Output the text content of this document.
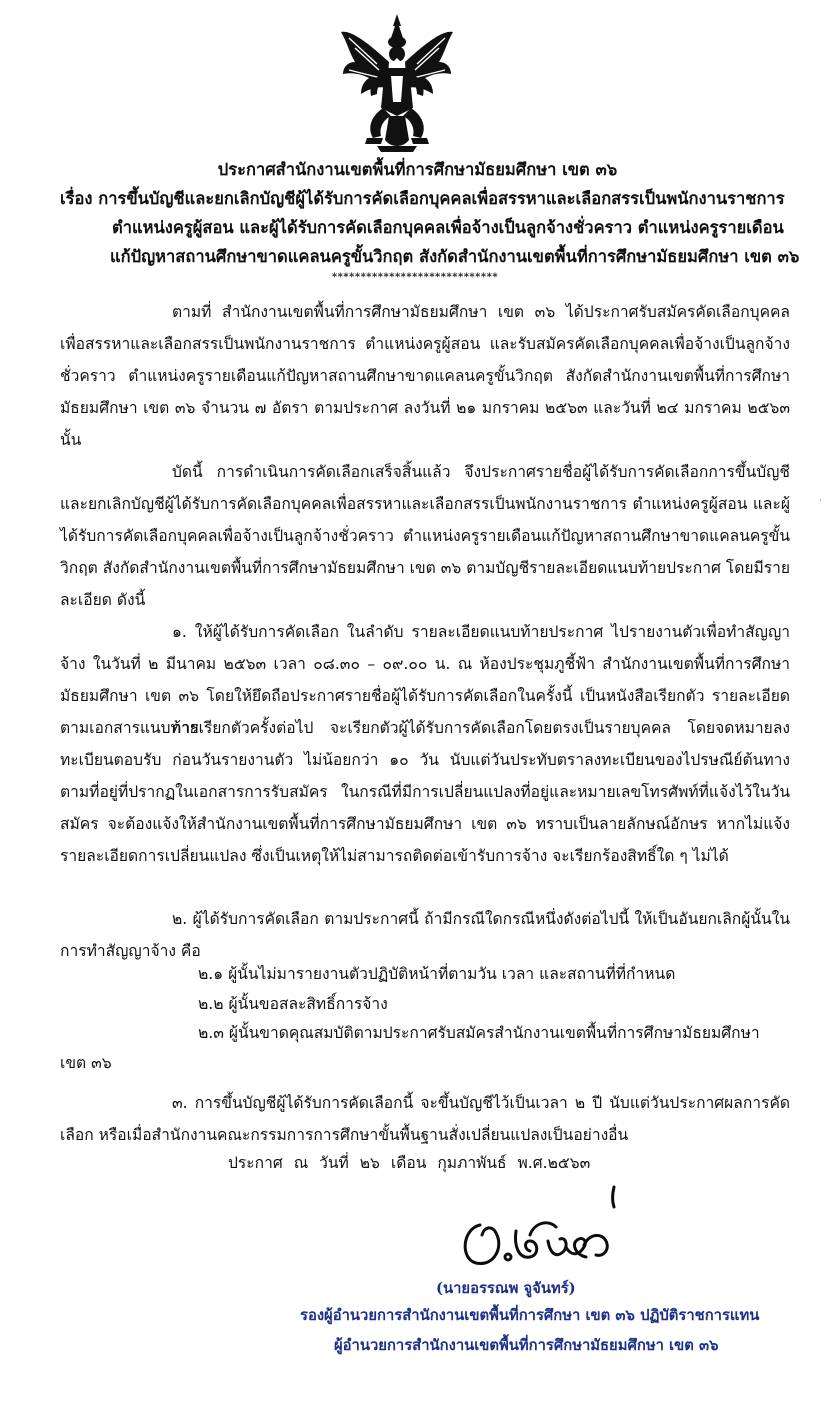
ประกาศสำนักงานเขตพื้นที่การศึกษามัธยมศึกษา เขต ๓๖
เรื่อง การขึ้นบัญชีและยกเลิกบัญชีผู้ได้รับการคัดเลือกบุคคลเพื่อสรรหาและเลือกสรรเป็นพนักงานราชการ
ตำแหน่งครูผู้สอน และผู้ได้รับการคัดเลือกบุคคลเพื่อจ้างเป็นลูกจ้างชั่วคราว ตำแหน่งครูรายเดือน
แก้ปัญหาสถานศึกษาขาดแคลนครูขั้นวิกฤต สังกัดสำนักงานเขตพื้นที่การศึกษามัธยมศึกษา เขต ๓๖
*****************************

ตามที่ สำนักงานเขตพื้นที่การศึกษามัธยมศึกษา เขต ๓๖ ได้ประกาศรับสมัครคัดเลือกบุคคลเพื่อสรรหาและเลือกสรรเป็นพนักงานราชการ ตำแหน่งครูผู้สอน และรับสมัครคัดเลือกบุคคลเพื่อจ้างเป็นลูกจ้างชั่วคราว ตำแหน่งครูรายเดือนแก้ปัญหาสถานศึกษาขาดแคลนครูขั้นวิกฤต สังกัดสำนักงานเขตพื้นที่การศึกษามัธยมศึกษา เขต ๓๖ จำนวน ๗ อัตรา ตามประกาศ ลงวันที่ ๒๑ มกราคม ๒๕๖๓ และวันที่ ๒๔ มกราคม ๒๕๖๓ นั้น

บัดนี้ การดำเนินการคัดเลือกเสร็จสิ้นแล้ว จึงประกาศรายชื่อผู้ได้รับการคัดเลือกการขึ้นบัญชีและยกเลิกบัญชีผู้ได้รับการคัดเลือกบุคคลเพื่อสรรหาและเลือกสรรเป็นพนักงานราชการ ตำแหน่งครูผู้สอน และผู้ได้รับการคัดเลือกบุคคลเพื่อจ้างเป็นลูกจ้างชั่วคราว ตำแหน่งครูรายเดือนแก้ปัญหาสถานศึกษาขาดแคลนครูขั้นวิกฤต สังกัดสำนักงานเขตพื้นที่การศึกษามัธยมศึกษา เขต ๓๖ ตามบัญชีรายละเอียดแนบท้ายประกาศ โดยมีรายละเอียด ดังนี้

๑. ให้ผู้ได้รับการคัดเลือก ในลำดับ รายละเอียดแนบท้ายประกาศ ไปรายงานตัวเพื่อทำสัญญาจ้าง ในวันที่ ๒ มีนาคม ๒๕๖๓ เวลา ๐๘.๓๐ – ๐๙.๐๐ น. ณ ห้องประชุมภูชี้ฟ้า สำนักงานเขตพื้นที่การศึกษามัธยมศึกษา เขต ๓๖ โดยให้ยึดถือประกาศรายชื่อผู้ได้รับการคัดเลือกในครั้งนี้ เป็นหนังสือเรียกตัว รายละเอียดตามเอกสารแนบท้าย

การเรียกตัวครั้งต่อไป จะเรียกตัวผู้ได้รับการคัดเลือกโดยตรงเป็นรายบุคคล โดยจดหมายลงทะเบียนตอบรับ ก่อนวันรายงานตัว ไม่น้อยกว่า ๑๐ วัน นับแต่วันประทับตราลงทะเบียนของไปรษณีย์ต้นทาง ตามที่อยู่ที่ปรากฏในเอกสารการรับสมัคร ในกรณีที่มีการเปลี่ยนแปลงที่อยู่และหมายเลขโทรศัพท์ที่แจ้งไว้ในวันสมัคร จะต้องแจ้งให้สำนักงานเขตพื้นที่การศึกษามัธยมศึกษา เขต ๓๖ ทราบเป็นลายลักษณ์อักษร หากไม่แจ้งรายละเอียดการเปลี่ยนแปลง ซึ่งเป็นเหตุให้ไม่สามารถติดต่อเข้ารับการจ้าง จะเรียกร้องสิทธิ์ใด ๆ ไม่ได้

๒. ผู้ได้รับการคัดเลือก ตามประกาศนี้ ถ้ามีกรณีใดกรณีหนึ่งดังต่อไปนี้ ให้เป็นอันยกเลิกผู้นั้นในการทำสัญญาจ้าง คือ

๒.๑ ผู้นั้นไม่มารายงานตัวปฏิบัติหน้าที่ตามวัน เวลา และสถานที่ที่กำหนด
๒.๒ ผู้นั้นขอสละสิทธิ์การจ้าง
๒.๓ ผู้นั้นขาดคุณสมบัติตามประกาศรับสมัครสำนักงานเขตพื้นที่การศึกษามัธยมศึกษา
เขต ๓๖

๓. การขึ้นบัญชีผู้ได้รับการคัดเลือกนี้ จะขึ้นบัญชีไว้เป็นเวลา ๒ ปี นับแต่วันประกาศผลการคัดเลือก หรือเมื่อสำนักงานคณะกรรมการการศึกษาขั้นพื้นฐานสั่งเปลี่ยนแปลงเป็นอย่างอื่น

ประกาศ ณ วันที่ ๒๖ เดือน กุมภาพันธ์ พ.ศ.๒๕๖๓
(นายอรรณพ จูจันทร์)
รองผู้อำนวยการสำนักงานเขตพื้นที่การศึกษา เขต ๓๖ ปฏิบัติราชการแทน
ผู้อำนวยการสำนักงานเขตพื้นที่การศึกษามัธยมศึกษา เขต ๓๖
·
